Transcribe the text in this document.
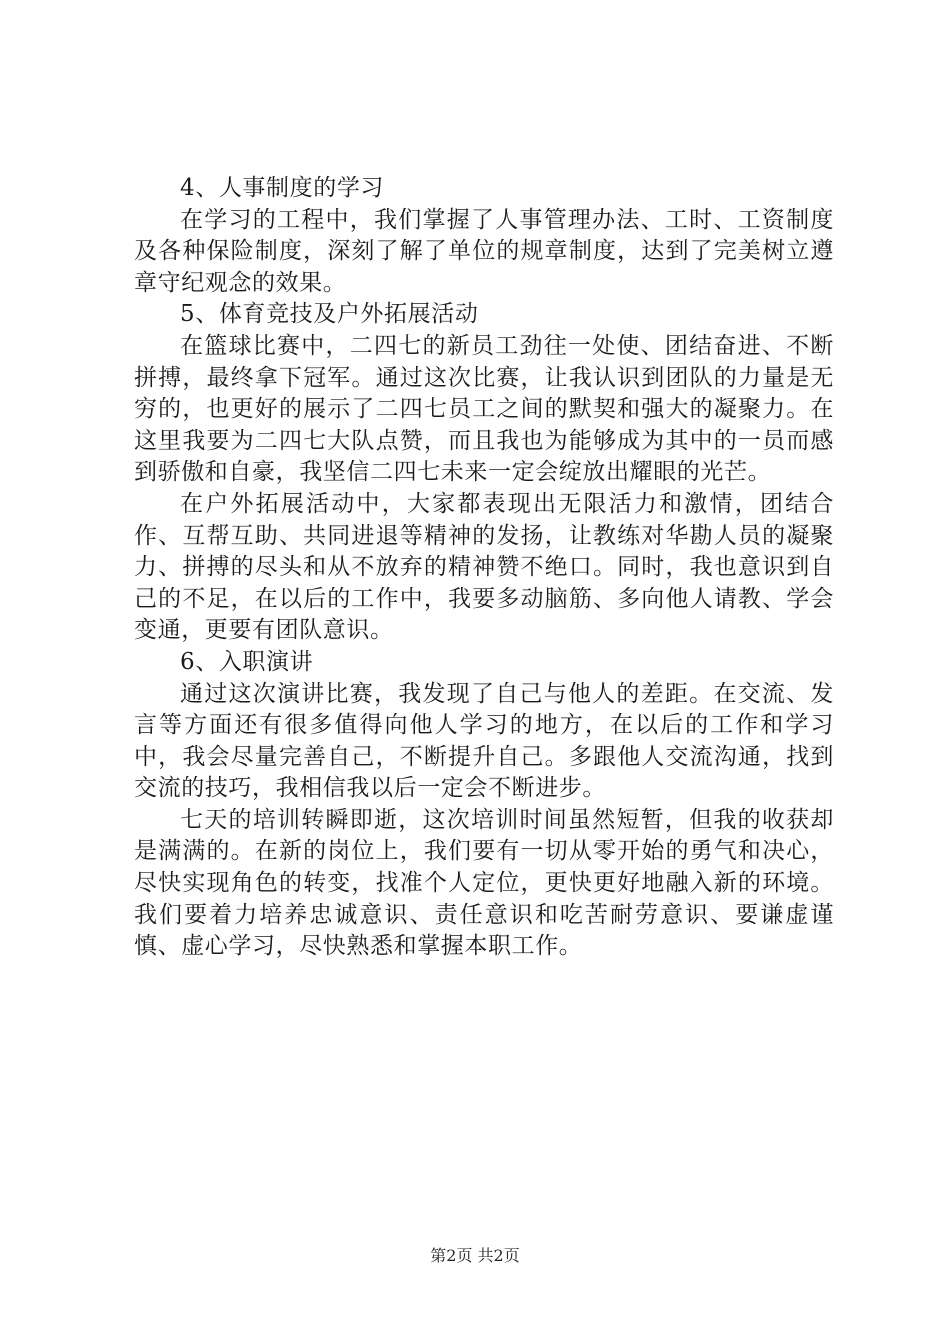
4、人事制度的学习

在学习的工程中，我们掌握了人事管理办法、工时、工资制度及各种保险制度，深刻了解了单位的规章制度，达到了完美树立遵章守纪观念的效果。

5、体育竞技及户外拓展活动

在篮球比赛中，二四七的新员工劲往一处使、团结奋进、不断拼搏，最终拿下冠军。通过这次比赛，让我认识到团队的力量是无穷的，也更好的展示了二四七员工之间的默契和强大的凝聚力。在这里我要为二四七大队点赞，而且我也为能够成为其中的一员而感到骄傲和自豪，我坚信二四七未来一定会绽放出耀眼的光芒。

在户外拓展活动中，大家都表现出无限活力和激情，团结合作、互帮互助、共同进退等精神的发扬，让教练对华勘人员的凝聚力、拼搏的尽头和从不放弃的精神赞不绝口。同时，我也意识到自己的不足，在以后的工作中，我要多动脑筋、多向他人请教、学会变通，更要有团队意识。

6、入职演讲

通过这次演讲比赛，我发现了自己与他人的差距。在交流、发言等方面还有很多值得向他人学习的地方，在以后的工作和学习中，我会尽量完善自己，不断提升自己。多跟他人交流沟通，找到交流的技巧，我相信我以后一定会不断进步。

七天的培训转瞬即逝，这次培训时间虽然短暂，但我的收获却是满满的。在新的岗位上，我们要有一切从零开始的勇气和决心，尽快实现角色的转变，找准个人定位，更快更好地融入新的环境。我们要着力培养忠诚意识、责任意识和吃苦耐劳意识、要谦虚谨慎、虚心学习，尽快熟悉和掌握本职工作。

第2页 共2页
